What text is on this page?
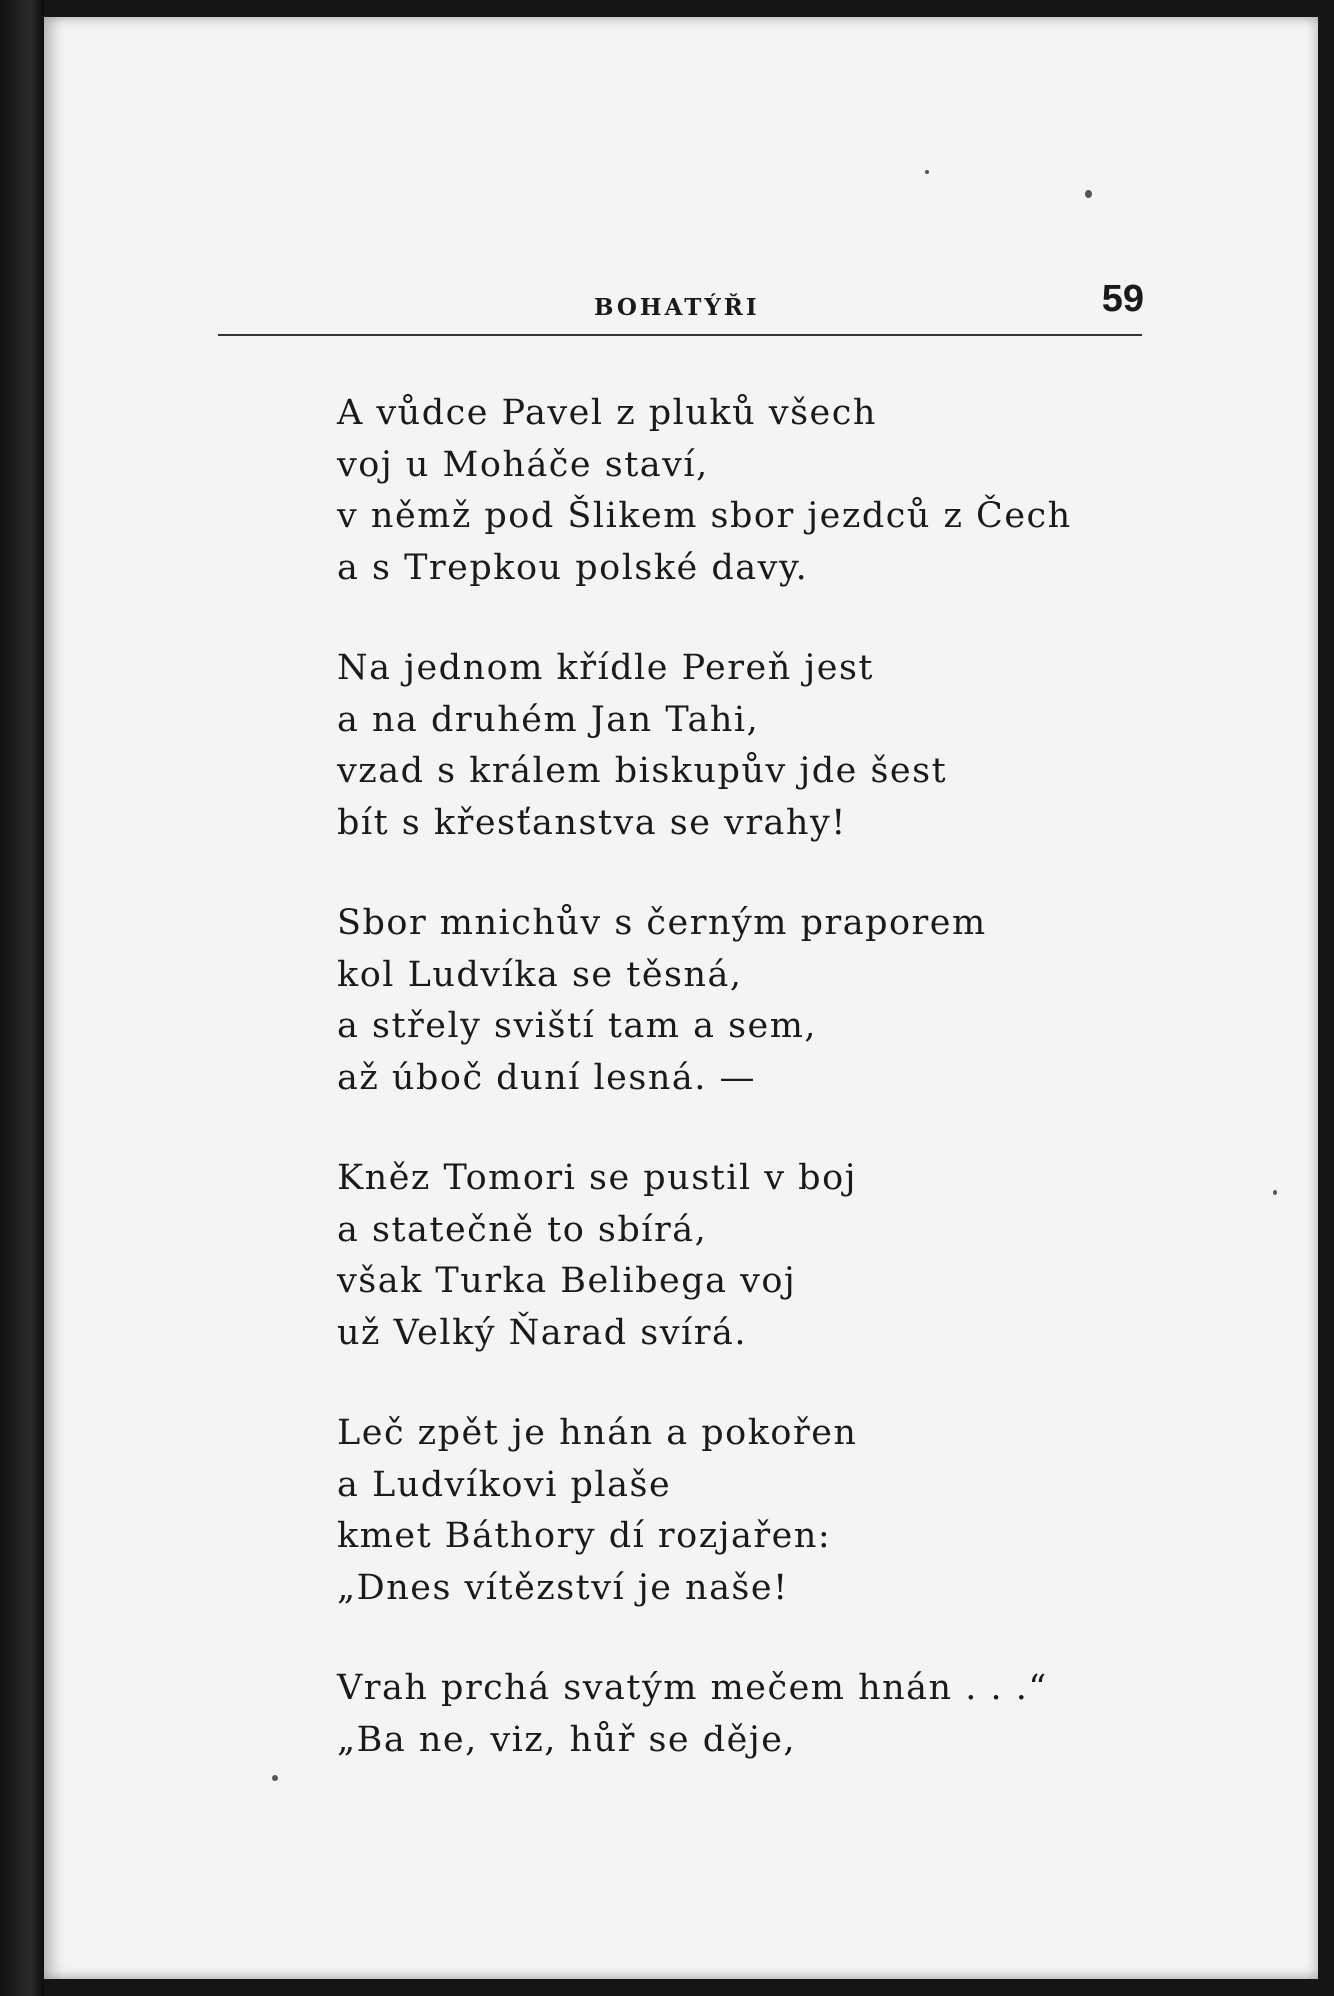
BOHATÝŘI	59
A vůdce Pavel z pluků všech
voj u Moháče staví,
v němž pod Šlikem sbor jezdců z Čech
a s Trepkou polské davy.
Na jednom křídle Pereň jest
a na druhém Jan Tahi,
vzad s králem biskupův jde šest
bít s křesťanstva se vrahy!
Sbor mnichův s černým praporem
kol Ludvíka se těsná,
a střely sviští tam a sem,
až úboč duní lesná. —
Kněz Tomori se pustil v boj
a statečně to sbírá,
však Turka Belibega voj
už Velký Ňarad svírá.
Leč zpět je hnán a pokořen
a Ludvíkovi plaše
kmet Báthory dí rozjařen:
„Dnes vítězství je naše!
Vrah prchá svatým mečem hnán . . .“
„Ba ne, viz, hůř se děje,
